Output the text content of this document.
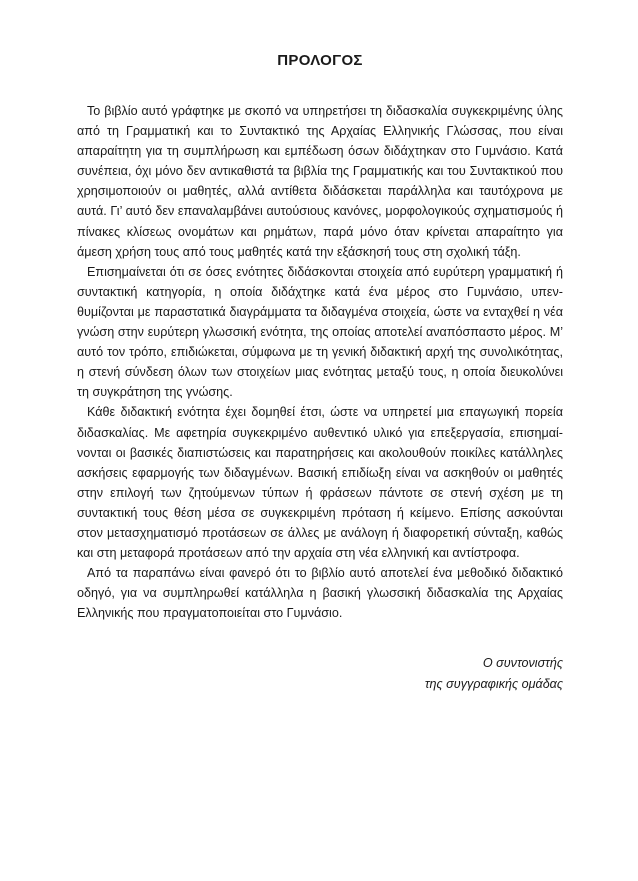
ΠΡΟΛΟΓΟΣ

Το βιβλίο αυτό γράφτηκε με σκοπό να υπηρετήσει τη διδασκαλία συγκεκριμένης ύλης από τη Γραμματική και το Συντακτικό της Αρχαίας Ελληνικής Γλώσσας, που είναι απαραίτητη για τη συμπλήρωση και εμπέδωση όσων διδάχτηκαν στο Γυμνάσιο. Κατά συνέπεια, όχι μόνο δεν αντικαθιστά τα βιβλία της Γραμματικής και του Συντακτικού που χρησιμοποιούν οι μαθητές, αλλά αντίθετα διδάσκεται παράλληλα και ταυτόχρονα με αυτά. Γι’ αυτό δεν επαναλαμβάνει αυτούσιους κανόνες, μορφολογικούς σχηματισμούς ή πίνακες κλίσεως ονομάτων και ρημάτων, παρά μόνο όταν κρίνεται απαραίτητο για άμεση χρήση τους από τους μαθητές κατά την εξάσκησή τους στη σχολική τάξη.

Επισημαίνεται ότι σε όσες ενότητες διδάσκονται στοιχεία από ευρύτερη γραμματική ή συντακτική κατηγορία, η οποία διδάχτηκε κατά ένα μέρος στο Γυμνάσιο, υπενθυμίζονται με παραστατικά διαγράμματα τα διδαγμένα στοιχεία, ώστε να ενταχθεί η νέα γνώση στην ευρύτερη γλωσσική ενότητα, της οποίας αποτελεί αναπόσπαστο μέρος. Μ’ αυτό τον τρόπο, επιδιώκεται, σύμφωνα με τη γενική διδακτική αρχή της συνολικότητας, η στενή σύνδεση όλων των στοιχείων μιας ενότητας μεταξύ τους, η οποία διευκολύνει τη συγκράτηση της γνώσης.

Κάθε διδακτική ενότητα έχει δομηθεί έτσι, ώστε να υπηρετεί μια επαγωγική πορεία διδασκαλίας. Με αφετηρία συγκεκριμένο αυθεντικό υλικό για επεξεργασία, επισημαίνονται οι βασικές διαπιστώσεις και παρατηρήσεις και ακολουθούν ποικίλες κατάλληλες ασκήσεις εφαρμογής των διδαγμένων. Βασική επιδίωξη είναι να ασκηθούν οι μαθητές στην επιλογή των ζητούμενων τύπων ή φράσεων πάντοτε σε στενή σχέση με τη συντακτική τους θέση μέσα σε συγκεκριμένη πρόταση ή κείμενο. Επίσης ασκούνται στον μετασχηματισμό προτάσεων σε άλλες με ανάλογη ή διαφορετική σύνταξη, καθώς και στη μεταφορά προτάσεων από την αρχαία στη νέα ελληνική και αντίστροφα.

Από τα παραπάνω είναι φανερό ότι το βιβλίο αυτό αποτελεί ένα μεθοδικό διδακτικό οδηγό, για να συμπληρωθεί κατάλληλα η βασική γλωσσική διδασκαλία της Αρχαίας Ελληνικής που πραγματοποιείται στο Γυμνάσιο.

Ο συντονιστής
της συγγραφικής ομάδας
